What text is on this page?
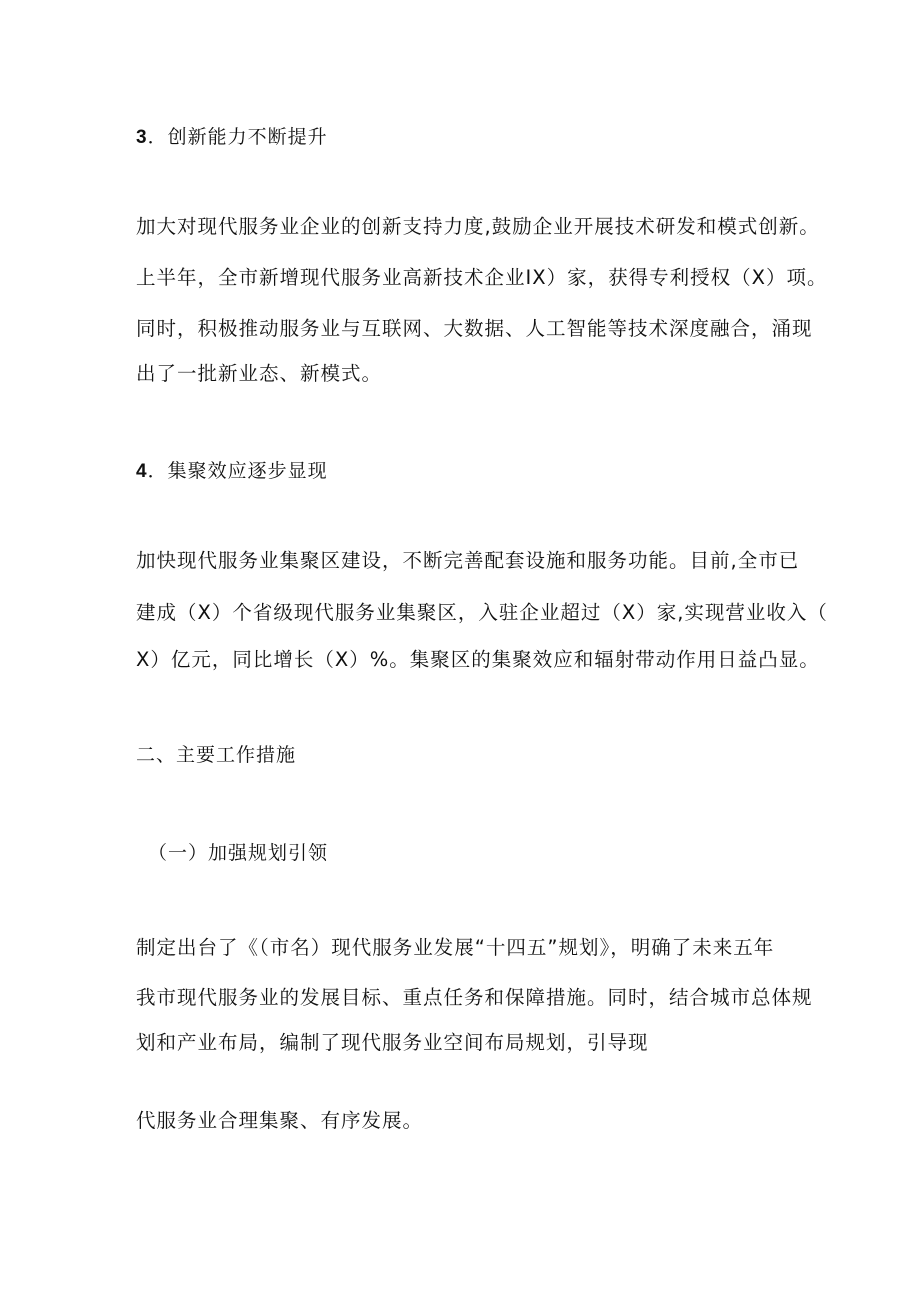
3．创新能力不断提升

加大对现代服务业企业的创新支持力度,鼓励企业开展技术研发和模式创新。

上半年，全市新增现代服务业高新技术企业IX）家，获得专利授权（X）项。

同时，积极推动服务业与互联网、大数据、人工智能等技术深度融合，涌现

出了一批新业态、新模式。

4．集聚效应逐步显现

加快现代服务业集聚区建设，不断完善配套设施和服务功能。目前,全市已

建成（X）个省级现代服务业集聚区，入驻企业超过（X）家,实现营业收入（

X）亿元，同比增长（X）%。集聚区的集聚效应和辐射带动作用日益凸显。

二、主要工作措施

（一）加强规划引领

制定出台了《（市名）现代服务业发展“十四五”规划》，明确了未来五年

我市现代服务业的发展目标、重点任务和保障措施。同时，结合城市总体规

划和产业布局，编制了现代服务业空间布局规划，引导现

代服务业合理集聚、有序发展。
